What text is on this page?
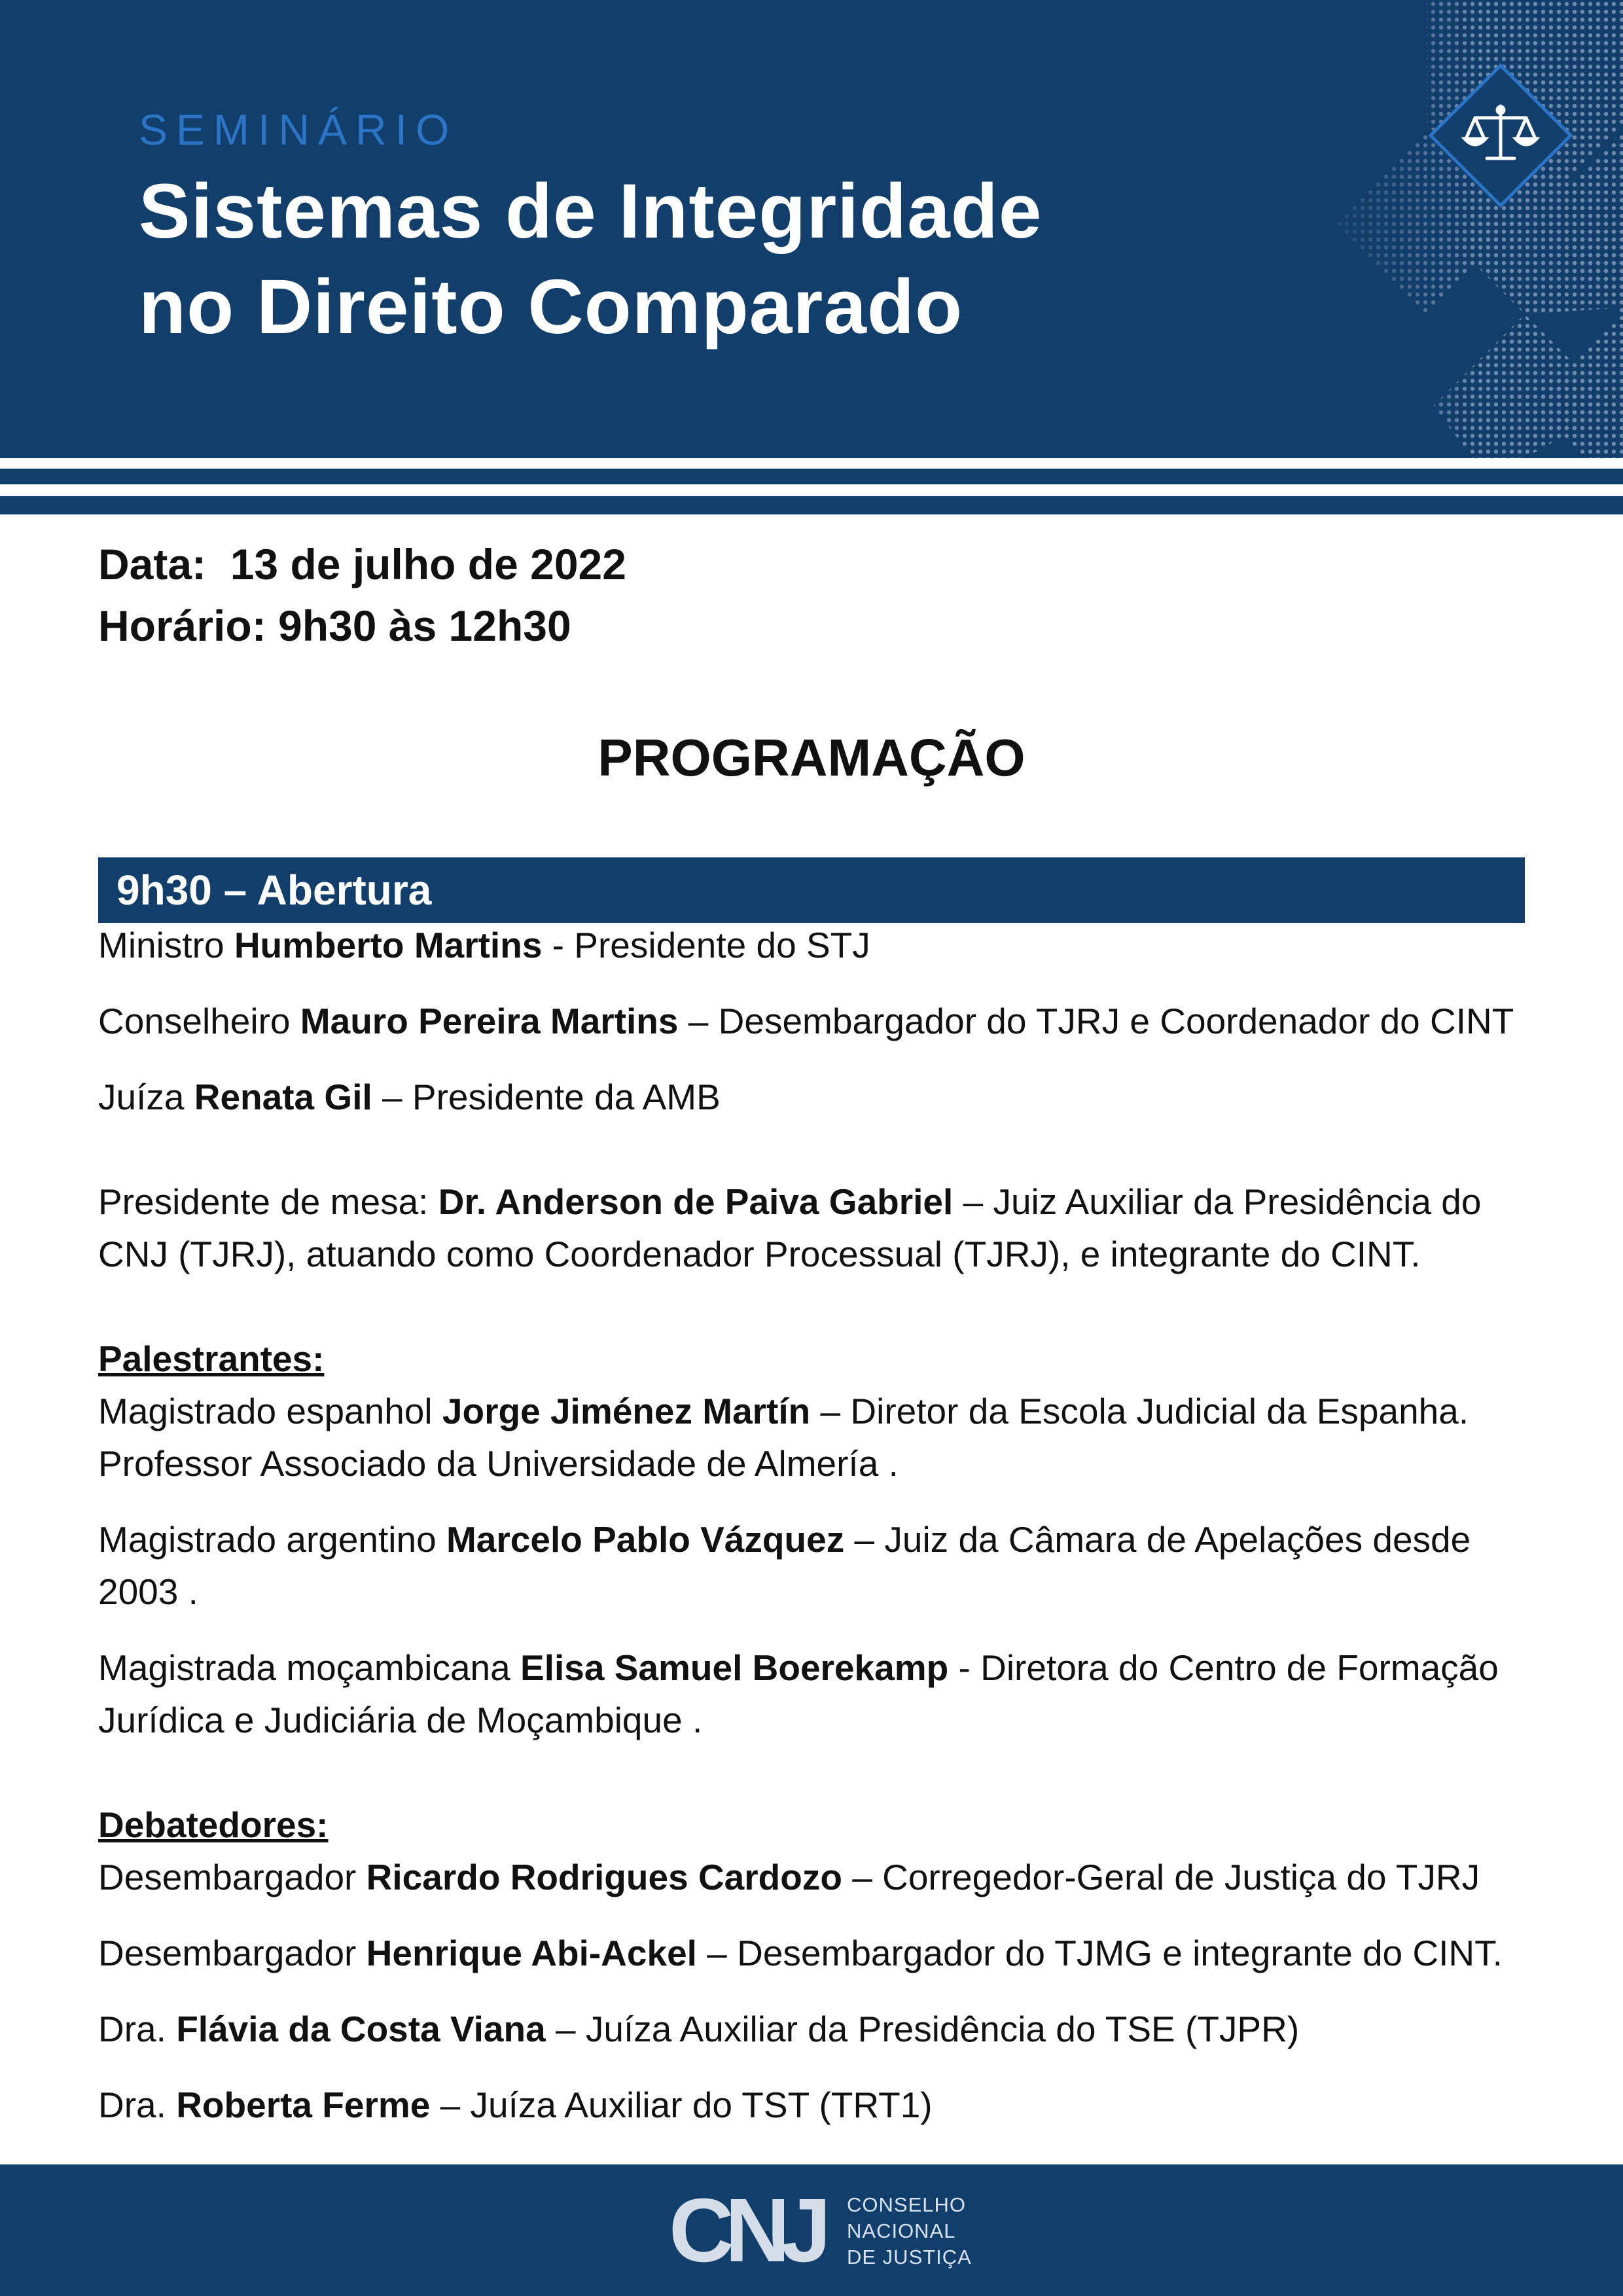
SEMINÁRIO
Sistemas de Integridade
no Direito Comparado
Data:  13 de julho de 2022
Horário: 9h30 às 12h30
PROGRAMAÇÃO
9h30 – Abertura
Ministro Humberto Martins - Presidente do STJ
Conselheiro Mauro Pereira Martins – Desembargador do TJRJ e Coordenador do CINT
Juíza Renata Gil – Presidente da AMB
Presidente de mesa: Dr. Anderson de Paiva Gabriel – Juiz Auxiliar da Presidência do
CNJ (TJRJ), atuando como Coordenador Processual (TJRJ), e integrante do CINT.
Palestrantes:
Magistrado espanhol Jorge Jiménez Martín – Diretor da Escola Judicial da Espanha.
Professor Associado da Universidade de Almería .
Magistrado argentino Marcelo Pablo Vázquez – Juiz da Câmara de Apelações desde
2003 .
Magistrada moçambicana Elisa Samuel Boerekamp - Diretora do Centro de Formação
Jurídica e Judiciária de Moçambique .
Debatedores:
Desembargador Ricardo Rodrigues Cardozo – Corregedor-Geral de Justiça do TJRJ
Desembargador Henrique Abi-Ackel – Desembargador do TJMG e integrante do CINT.
Dra. Flávia da Costa Viana – Juíza Auxiliar da Presidência do TSE (TJPR)
Dra. Roberta Ferme – Juíza Auxiliar do TST (TRT1)
CNJ CONSELHO
NACIONAL
DE JUSTIÇA
